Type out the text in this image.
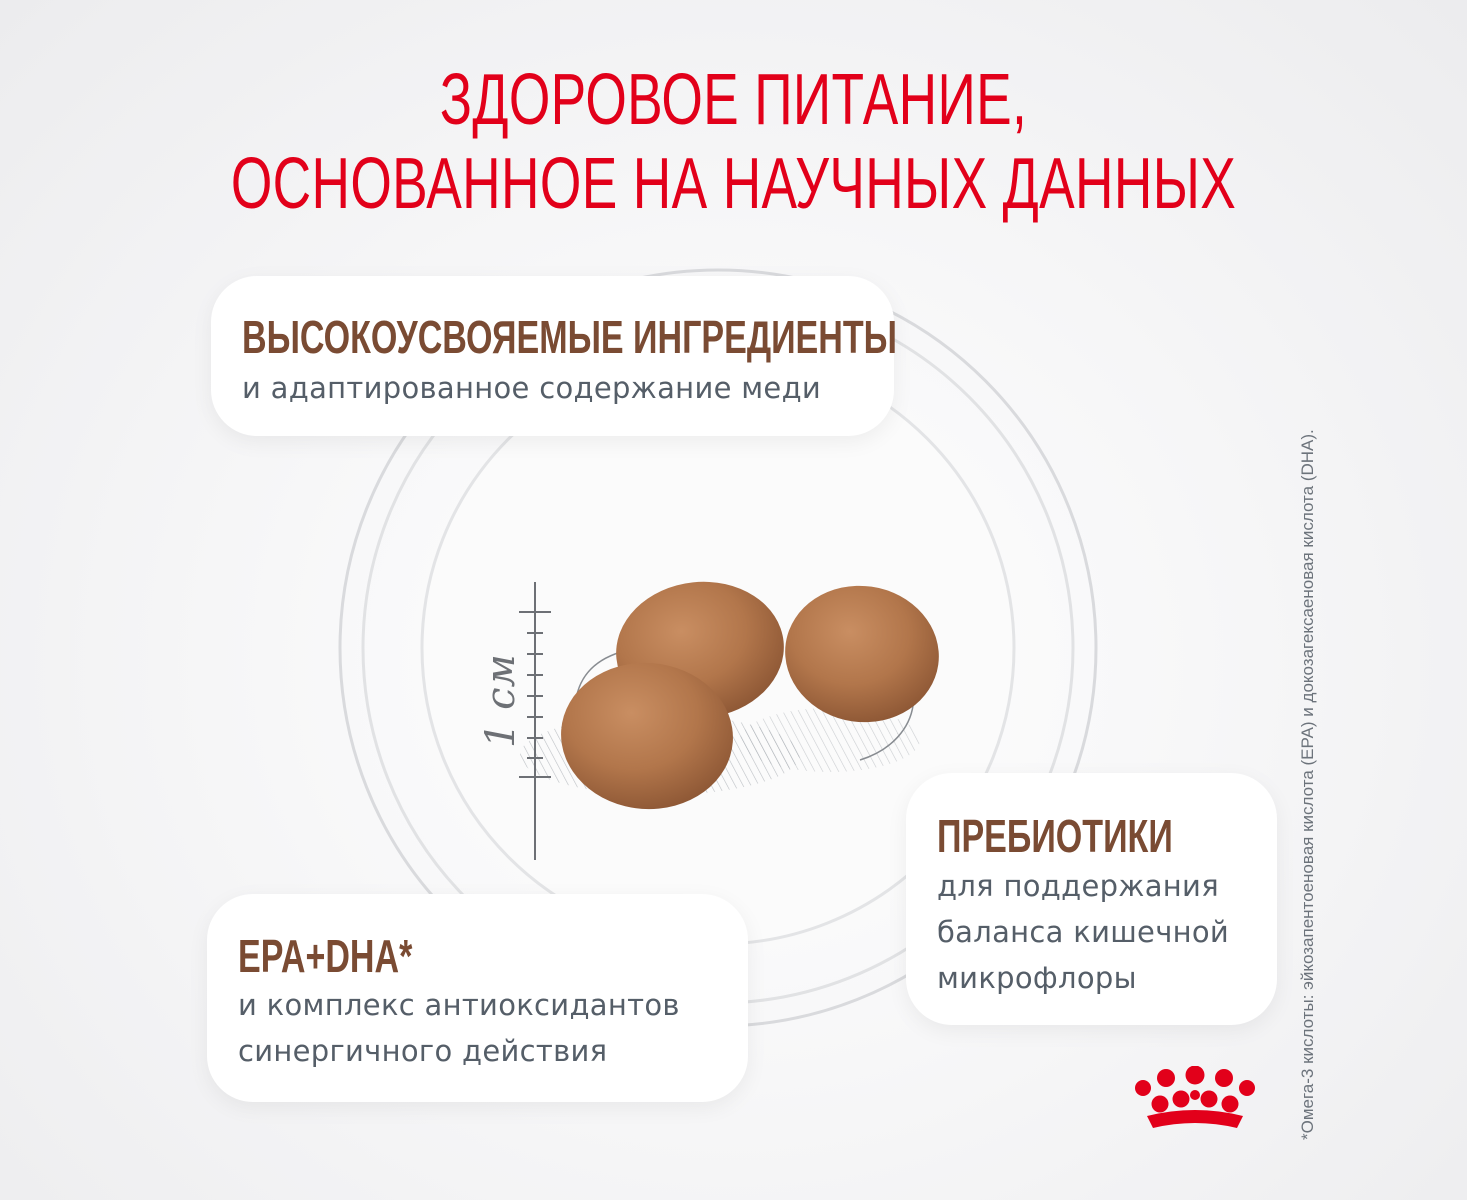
ЗДОРОВОЕ ПИТАНИЕ,
ОСНОВАННОЕ НА НАУЧНЫХ ДАННЫХ
1 см
ВЫСОКОУСВОЯЕМЫЕ ИНГРЕДИЕНТЫ
и адаптированное содержание меди
ПРЕБИОТИКИ
для поддержания
баланса кишечной
микрофлоры
EPA+DHA*
и комплекс антиоксидантов
синергичного действия	*Омега-3 кислоты: эйкозапентоеновая кислота (EPA) и докозагексаеновая кислота (DHA).
